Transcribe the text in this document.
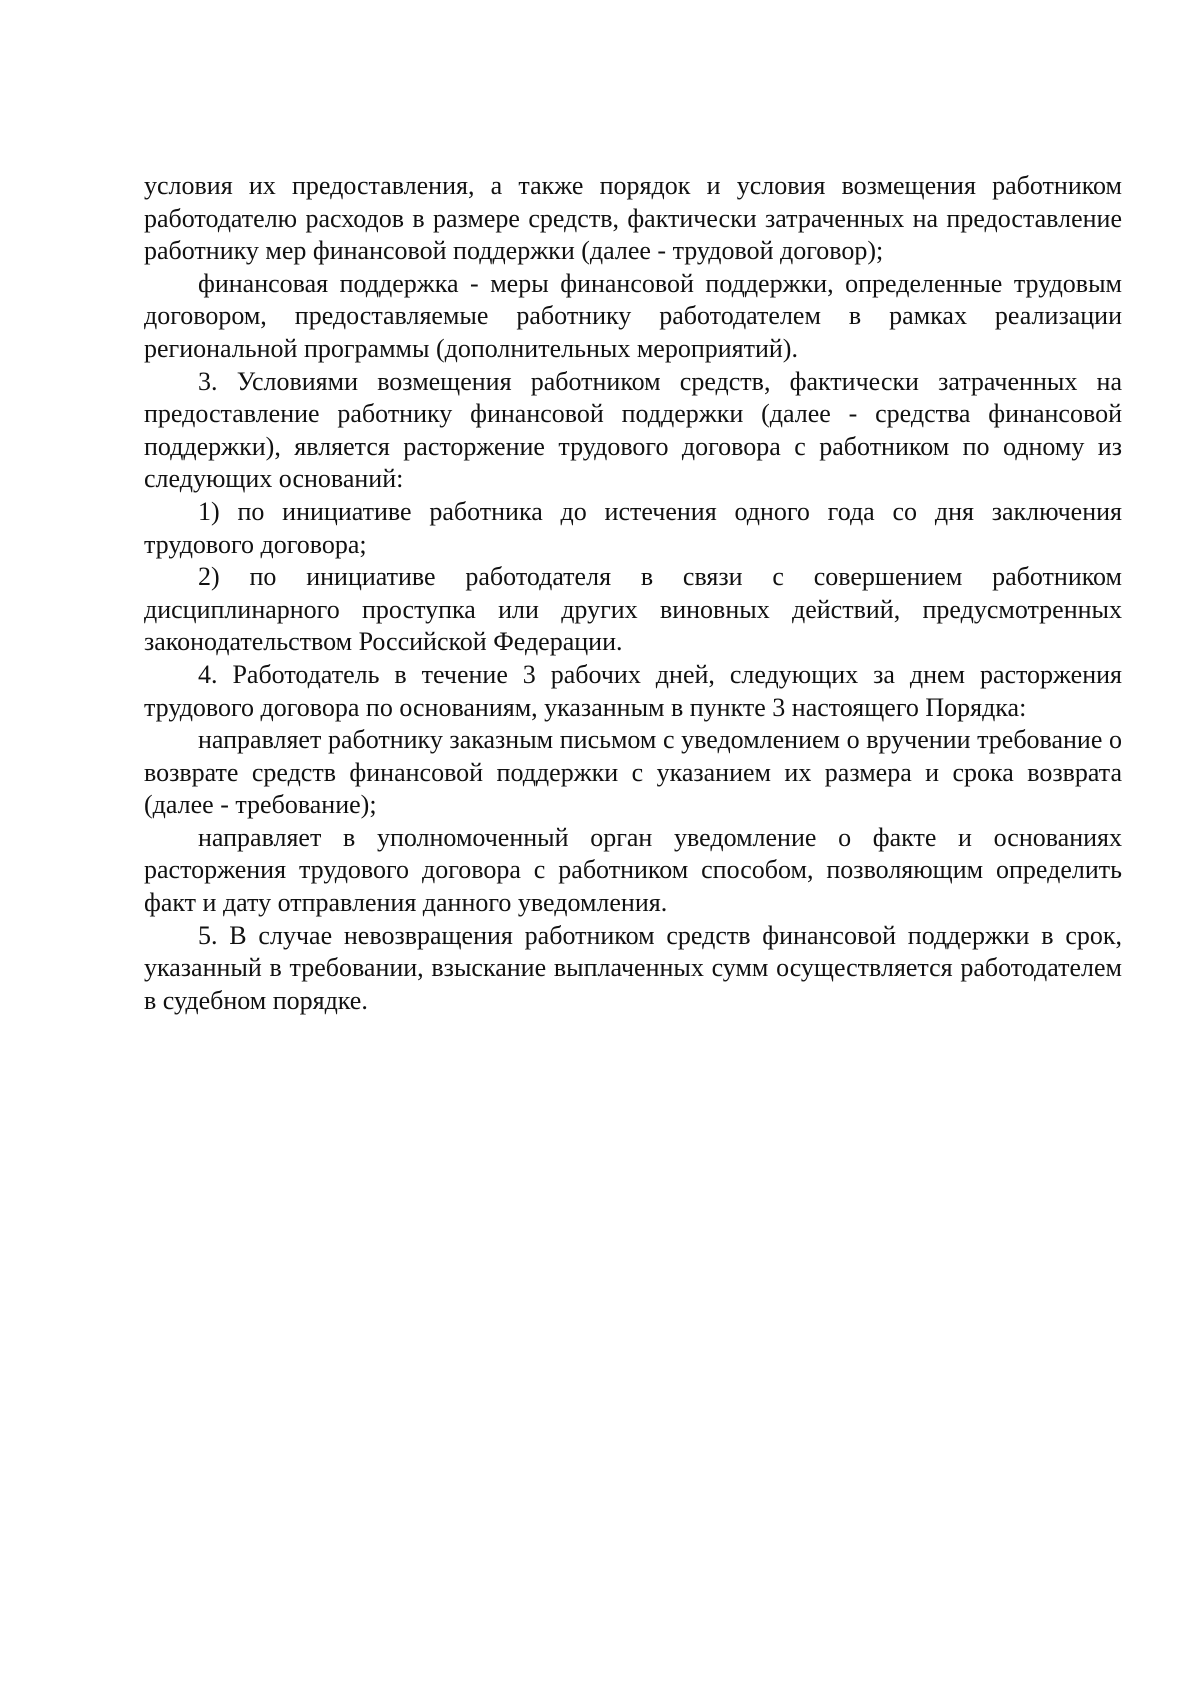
условия их предоставления, а также порядок и условия возмещения работником работодателю расходов в размере средств, фактически затраченных на предоставление работнику мер финансовой поддержки (далее - трудовой договор);

финансовая поддержка - меры финансовой поддержки, определенные трудовым договором, предоставляемые работнику работодателем в рамках реализации региональной программы (дополнительных мероприятий).

3. Условиями возмещения работником средств, фактически затраченных на предоставление работнику финансовой поддержки (далее - средства финансовой поддержки), является расторжение трудового договора с работником по одному из следующих оснований:

1) по инициативе работника до истечения одного года со дня заключения трудового договора;

2) по инициативе работодателя в связи с совершением работником дисциплинарного проступка или других виновных действий, предусмотренных законодательством Российской Федерации.

4. Работодатель в течение 3 рабочих дней, следующих за днем расторжения трудового договора по основаниям, указанным в пункте 3 настоящего Порядка:

направляет работнику заказным письмом с уведомлением о вручении требование о возврате средств финансовой поддержки с указанием их размера и срока возврата (далее - требование);

направляет в уполномоченный орган уведомление о факте и основаниях расторжения трудового договора с работником способом, позволяющим определить факт и дату отправления данного уведомления.

5. В случае невозвращения работником средств финансовой поддержки в срок, указанный в требовании, взыскание выплаченных сумм осуществляется работодателем в судебном порядке.
